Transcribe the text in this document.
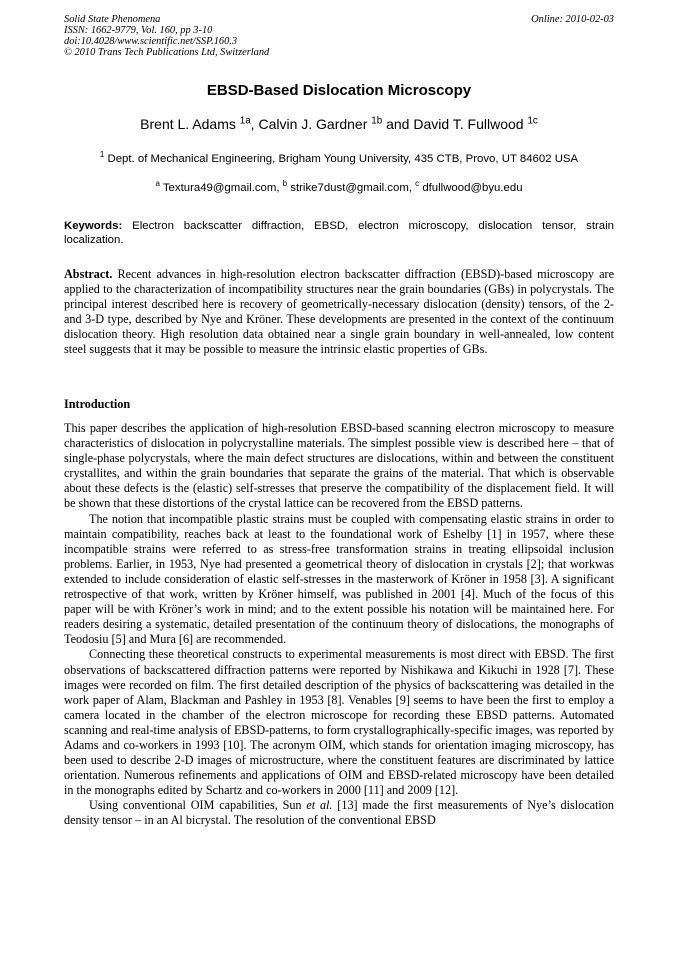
Solid State Phenomena
ISSN: 1662-9779, Vol. 160, pp 3-10
doi:10.4028/www.scientific.net/SSP.160.3
© 2010 Trans Tech Publications Ltd, Switzerland
Online: 2010-02-03
EBSD-Based Dislocation Microscopy
Brent L. Adams $^{1a}$, Calvin J. Gardner $^{1b}$ and David T. Fullwood $^{1c}$
$^1$ Dept. of Mechanical Engineering, Brigham Young University, 435 CTB, Provo, UT 84602 USA
$^a$ Textura49@gmail.com, $^b$ strike7dust@gmail.com, $^c$ dfullwood@byu.edu
Keywords: Electron backscatter diffraction, EBSD, electron microscopy, dislocation tensor, strain localization.

Abstract. Recent advances in high-resolution electron backscatter diffraction (EBSD)-based microscopy are applied to the characterization of incompatibility structures near the grain boundaries (GBs) in polycrystals. The principal interest described here is recovery of geometrically-necessary dislocation (density) tensors, of the 2- and 3-D type, described by Nye and Kröner. These developments are presented in the context of the continuum dislocation theory. High resolution data obtained near a single grain boundary in well-annealed, low content steel suggests that it may be possible to measure the intrinsic elastic properties of GBs.

Introduction

This paper describes the application of high-resolution EBSD-based scanning electron microscopy to measure characteristics of dislocation in polycrystalline materials. The simplest possible view is described here – that of single-phase polycrystals, where the main defect structures are dislocations, within and between the constituent crystallites, and within the grain boundaries that separate the grains of the material. That which is observable about these defects is the (elastic) self-stresses that preserve the compatibility of the displacement field. It will be shown that these distortions of the crystal lattice can be recovered from the EBSD patterns.

The notion that incompatible plastic strains must be coupled with compensating elastic strains in order to maintain compatibility, reaches back at least to the foundational work of Eshelby [1] in 1957, where these incompatible strains were referred to as stress-free transformation strains in treating ellipsoidal inclusion problems. Earlier, in 1953, Nye had presented a geometrical theory of dislocation in crystals [2]; that workwas extended to include consideration of elastic self-stresses in the masterwork of Kröner in 1958 [3]. A significant retrospective of that work, written by Kröner himself, was published in 2001 [4]. Much of the focus of this paper will be with Kröner’s work in mind; and to the extent possible his notation will be maintained here. For readers desiring a systematic, detailed presentation of the continuum theory of dislocations, the monographs of Teodosiu [5] and Mura [6] are recommended.

Connecting these theoretical constructs to experimental measurements is most direct with EBSD. The first observations of backscattered diffraction patterns were reported by Nishikawa and Kikuchi in 1928 [7]. These images were recorded on film. The first detailed description of the physics of backscattering was detailed in the work paper of Alam, Blackman and Pashley in 1953 [8]. Venables [9] seems to have been the first to employ a camera located in the chamber of the electron microscope for recording these EBSD patterns. Automated scanning and real-time analysis of EBSD-patterns, to form crystallographically-specific images, was reported by Adams and co-workers in 1993 [10]. The acronym OIM, which stands for orientation imaging microscopy, has been used to describe 2-D images of microstructure, where the constituent features are discriminated by lattice orientation. Numerous refinements and applications of OIM and EBSD-related microscopy have been detailed in the monographs edited by Schartz and co-workers in 2000 [11] and 2009 [12].

Using conventional OIM capabilities, Sun et al. [13] made the first measurements of Nye’s dislocation density tensor – in an Al bicrystal. The resolution of the conventional EBSD
